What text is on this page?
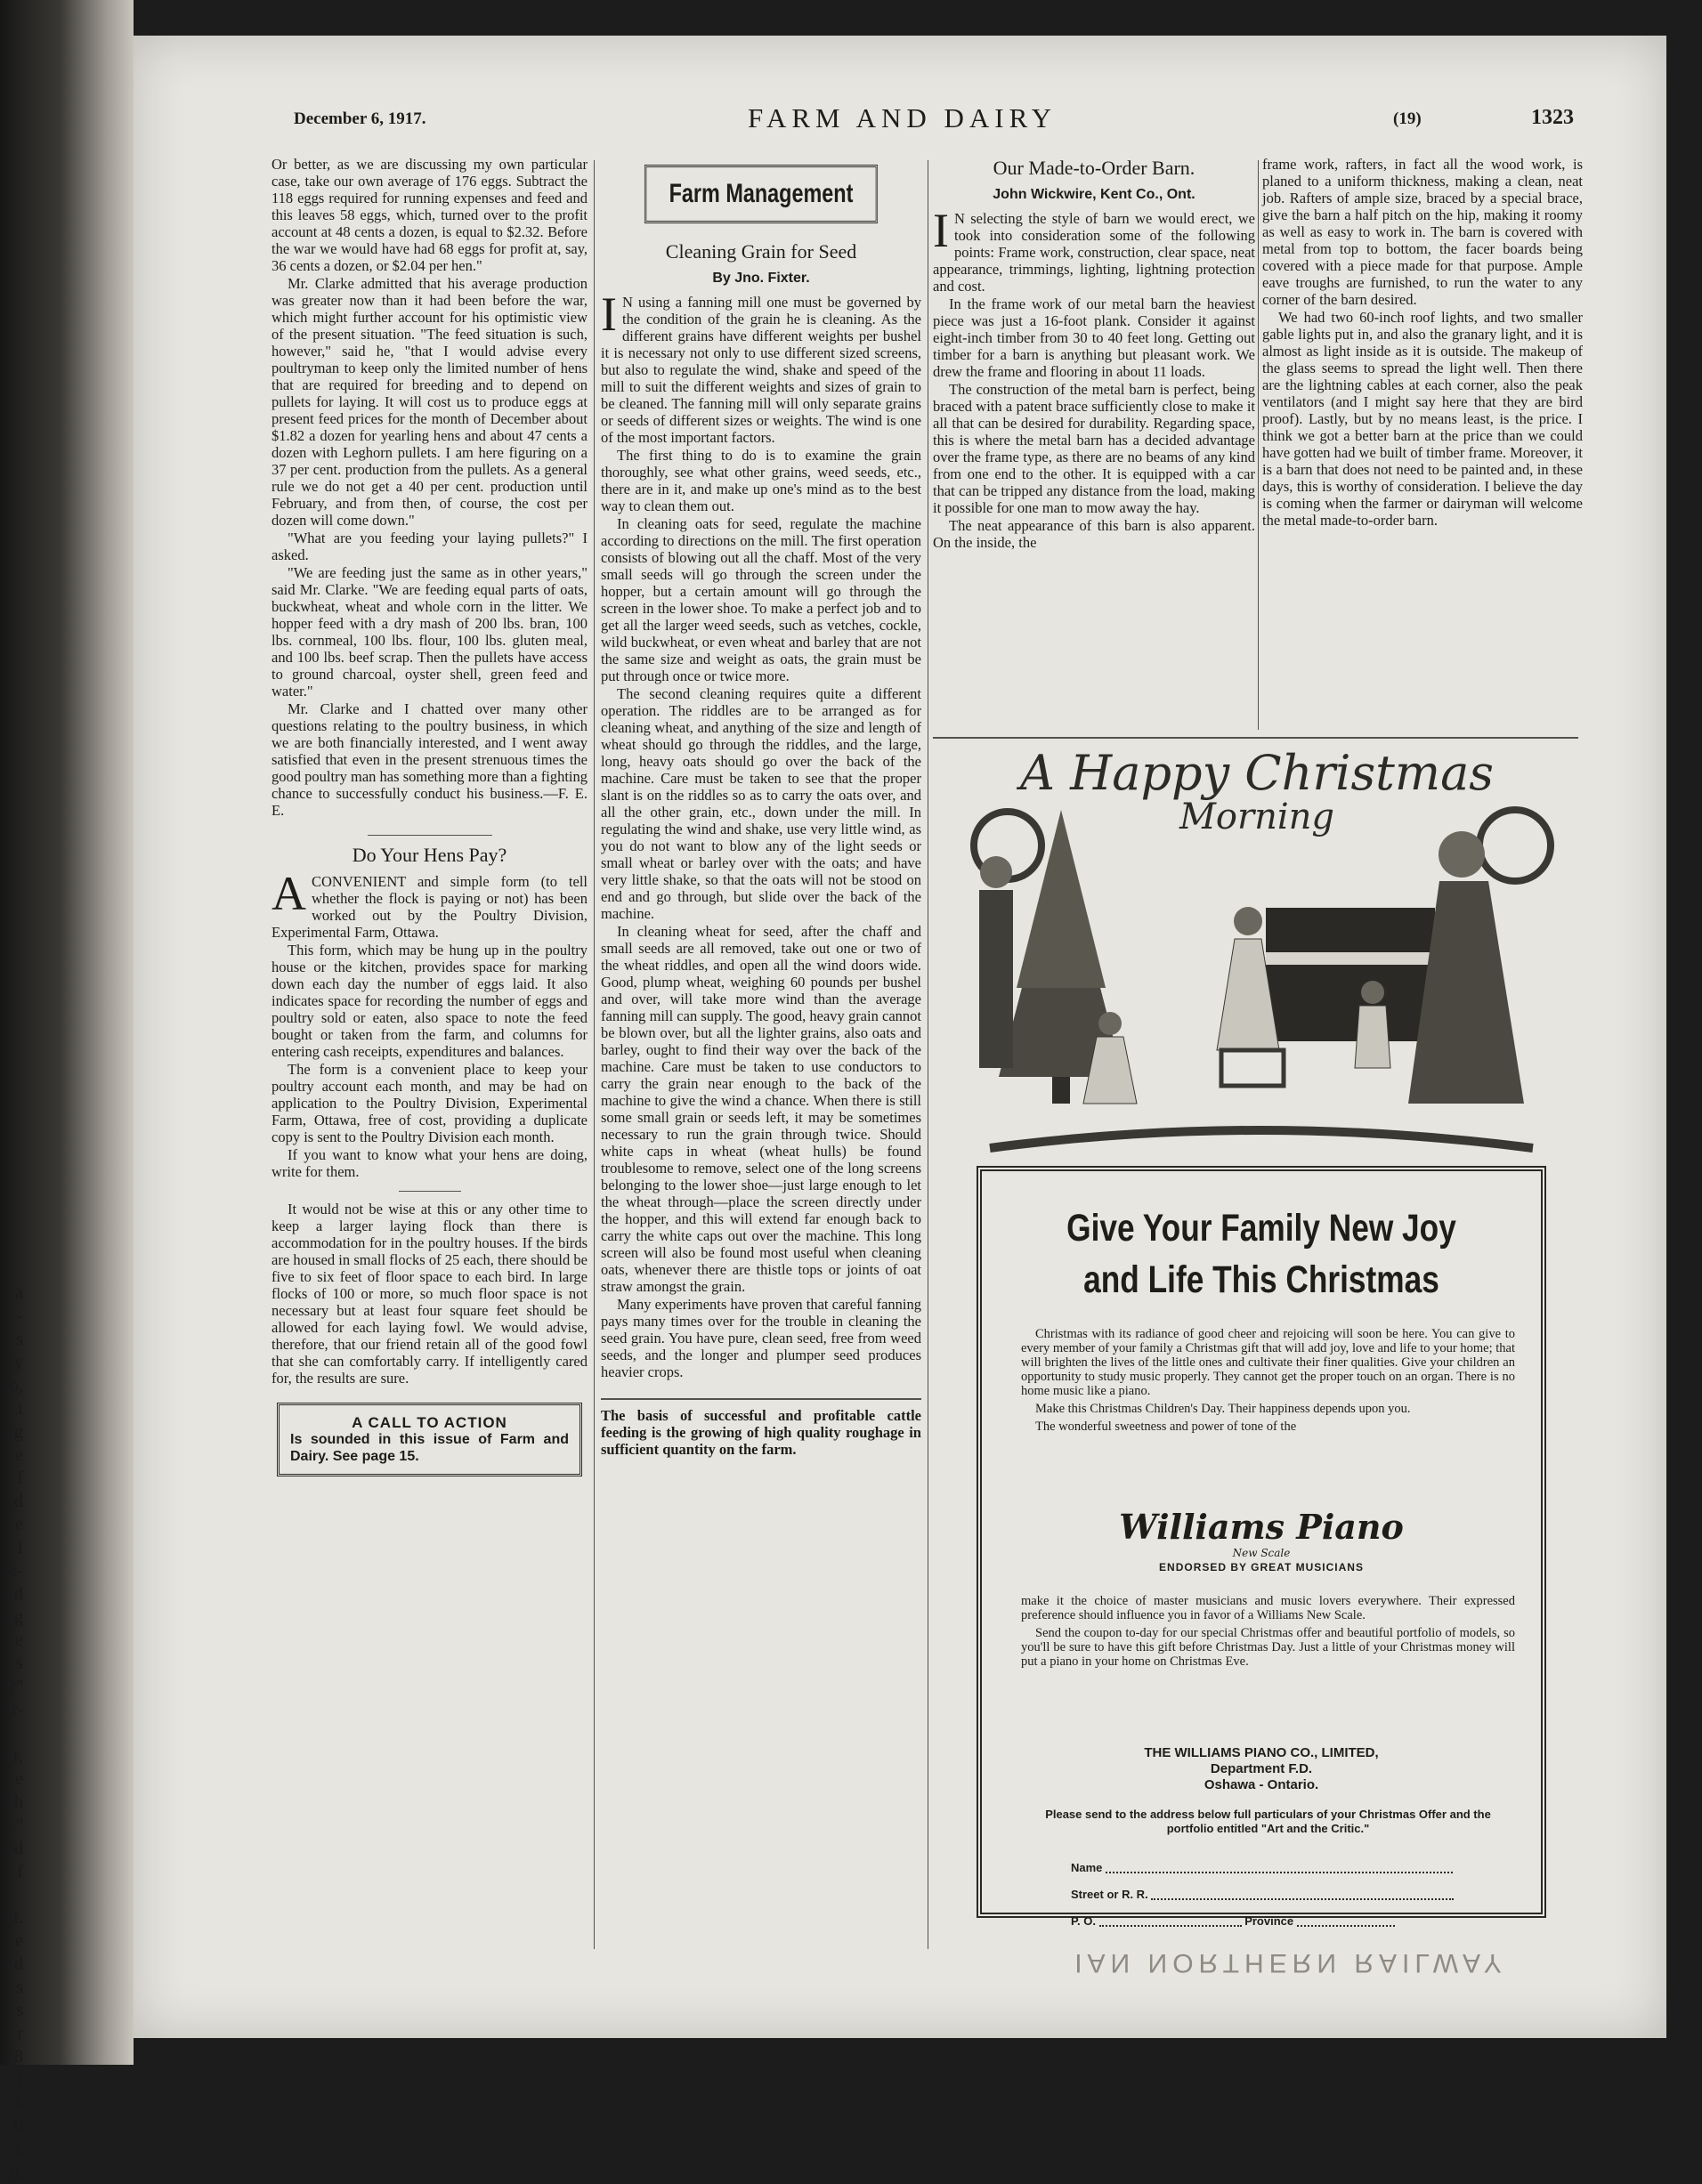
a
-
s
y
o,
t
g
e
f
d
e
I
e-
d
g
e
s
?"
r-

r,
e
h
."
d
f

t.
e
d
s
s
r
8
t
8
0
e
n.
December 6, 1917.	FARM AND DAIRY	(19)	1323

Or better, as we are discussing my own particular case, take our own average of 176 eggs. Subtract the 118 eggs required for running expenses and feed and this leaves 58 eggs, which, turned over to the profit account at 48 cents a dozen, is equal to $2.32. Before the war we would have had 68 eggs for profit at, say, 36 cents a dozen, or $2.04 per hen."

Mr. Clarke admitted that his average production was greater now than it had been before the war, which might further account for his optimistic view of the present situation. "The feed situation is such, however," said he, "that I would advise every poultryman to keep only the limited number of hens that are required for breeding and to depend on pullets for laying. It will cost us to produce eggs at present feed prices for the month of December about $1.82 a dozen for yearling hens and about 47 cents a dozen with Leghorn pullets. I am here figuring on a 37 per cent. production from the pullets. As a general rule we do not get a 40 per cent. production until February, and from then, of course, the cost per dozen will come down."

"What are you feeding your laying pullets?" I asked.

"We are feeding just the same as in other years," said Mr. Clarke. "We are feeding equal parts of oats, buckwheat, wheat and whole corn in the litter. We hopper feed with a dry mash of 200 lbs. bran, 100 lbs. cornmeal, 100 lbs. flour, 100 lbs. gluten meal, and 100 lbs. beef scrap. Then the pullets have access to ground charcoal, oyster shell, green feed and water."

Mr. Clarke and I chatted over many other questions relating to the poultry business, in which we are both financially interested, and I went away satisfied that even in the present strenuous times the good poultry man has something more than a fighting chance to successfully conduct his business.—F. E. E.

Do Your Hens Pay?

ACONVENIENT and simple form (to tell whether the flock is paying or not) has been worked out by the Poultry Division, Experimental Farm, Ottawa.

This form, which may be hung up in the poultry house or the kitchen, provides space for marking down each day the number of eggs laid. It also indicates space for recording the number of eggs and poultry sold or eaten, also space to note the feed bought or taken from the farm, and columns for entering cash receipts, expenditures and balances.

The form is a convenient place to keep your poultry account each month, and may be had on application to the Poultry Division, Experimental Farm, Ottawa, free of cost, providing a duplicate copy is sent to the Poultry Division each month.

If you want to know what your hens are doing, write for them.

It would not be wise at this or any other time to keep a larger laying flock than there is accommodation for in the poultry houses. If the birds are housed in small flocks of 25 each, there should be five to six feet of floor space to each bird. In large flocks of 100 or more, so much floor space is not necessary but at least four square feet should be allowed for each laying fowl. We would advise, therefore, that our friend retain all of the good fowl that she can comfortably carry. If intelligently cared for, the results are sure.

A CALL TO ACTION
Is sounded in this issue of Farm and Dairy. See page 15.
Farm Management
Cleaning Grain for Seed
By Jno. Fixter.

IN using a fanning mill one must be governed by the condition of the grain he is cleaning. As the different grains have different weights per bushel it is necessary not only to use different sized screens, but also to regulate the wind, shake and speed of the mill to suit the different weights and sizes of grain to be cleaned. The fanning mill will only separate grains or seeds of different sizes or weights. The wind is one of the most important factors.

The first thing to do is to examine the grain thoroughly, see what other grains, weed seeds, etc., there are in it, and make up one's mind as to the best way to clean them out.

In cleaning oats for seed, regulate the machine according to directions on the mill. The first operation consists of blowing out all the chaff. Most of the very small seeds will go through the screen under the hopper, but a certain amount will go through the screen in the lower shoe. To make a perfect job and to get all the larger weed seeds, such as vetches, cockle, wild buckwheat, or even wheat and barley that are not the same size and weight as oats, the grain must be put through once or twice more.

The second cleaning requires quite a different operation. The riddles are to be arranged as for cleaning wheat, and anything of the size and length of wheat should go through the riddles, and the large, long, heavy oats should go over the back of the machine. Care must be taken to see that the proper slant is on the riddles so as to carry the oats over, and all the other grain, etc., down under the mill. In regulating the wind and shake, use very little wind, as you do not want to blow any of the light seeds or small wheat or barley over with the oats; and have very little shake, so that the oats will not be stood on end and go through, but slide over the back of the machine.

In cleaning wheat for seed, after the chaff and small seeds are all removed, take out one or two of the wheat riddles, and open all the wind doors wide. Good, plump wheat, weighing 60 pounds per bushel and over, will take more wind than the average fanning mill can supply. The good, heavy grain cannot be blown over, but all the lighter grains, also oats and barley, ought to find their way over the back of the machine. Care must be taken to use conductors to carry the grain near enough to the back of the machine to give the wind a chance. When there is still some small grain or seeds left, it may be sometimes necessary to run the grain through twice. Should white caps in wheat (wheat hulls) be found troublesome to remove, select one of the long screens belonging to the lower shoe—just large enough to let the wheat through—place the screen directly under the hopper, and this will extend far enough back to carry the white caps out over the machine. This long screen will also be found most useful when cleaning oats, whenever there are thistle tops or joints of oat straw amongst the grain.

Many experiments have proven that careful fanning pays many times over for the trouble in cleaning the seed grain. You have pure, clean seed, free from weed seeds, and the longer and plumper seed produces heavier crops.

The basis of successful and profitable cattle feeding is the growing of high quality roughage in sufficient quantity on the farm.

Our Made-to-Order Barn.
John Wickwire, Kent Co., Ont.

IN selecting the style of barn we would erect, we took into consideration some of the following points: Frame work, construction, clear space, neat appearance, trimmings, lighting, lightning protection and cost.

In the frame work of our metal barn the heaviest piece was just a 16-foot plank. Consider it against eight-inch timber from 30 to 40 feet long. Getting out timber for a barn is anything but pleasant work. We drew the frame and flooring in about 11 loads.

The construction of the metal barn is perfect, being braced with a patent brace sufficiently close to make it all that can be desired for durability. Regarding space, this is where the metal barn has a decided advantage over the frame type, as there are no beams of any kind from one end to the other. It is equipped with a car that can be tripped any distance from the load, making it possible for one man to mow away the hay.

The neat appearance of this barn is also apparent. On the inside, the

frame work, rafters, in fact all the wood work, is planed to a uniform thickness, making a clean, neat job. Rafters of ample size, braced by a special brace, give the barn a half pitch on the hip, making it roomy as well as easy to work in. The barn is covered with metal from top to bottom, the facer boards being covered with a piece made for that purpose. Ample eave troughs are furnished, to run the water to any corner of the barn desired.

We had two 60-inch roof lights, and two smaller gable lights put in, and also the granary light, and it is almost as light inside as it is outside. The makeup of the glass seems to spread the light well. Then there are the lightning cables at each corner, also the peak ventilators (and I might say here that they are bird proof). Lastly, but by no means least, is the price. I think we got a better barn at the price than we could have gotten had we built of timber frame. Moreover, it is a barn that does not need to be painted and, in these days, this is worthy of consideration. I believe the day is coming when the farmer or dairyman will welcome the metal made-to-order barn.

A Happy Christmas
Morning
Give Your Family New Joy
and Life This Christmas

Christmas with its radiance of good cheer and rejoicing will soon be here. You can give to every member of your family a Christmas gift that will add joy, love and life to your home; that will brighten the lives of the little ones and cultivate their finer qualities. Give your children an opportunity to study music properly. They cannot get the proper touch on an organ. There is no home music like a piano.

Make this Christmas Children's Day. Their happiness depends upon you.

The wonderful sweetness and power of tone of the

Williams Piano
New Scale
ENDORSED BY GREAT MUSICIANS

make it the choice of master musicians and music lovers everywhere. Their expressed preference should influence you in favor of a Williams New Scale.

Send the coupon to-day for our special Christmas offer and beautiful portfolio of models, so you'll be sure to have this gift before Christmas Day. Just a little of your Christmas money will put a piano in your home on Christmas Eve.

THE WILLIAMS PIANO CO., LIMITED,
Department F.D.
Oshawa - Ontario.
Please send to the address below full particulars of your Christmas Offer and the portfolio entitled "Art and the Critic."
Name
Street or R. R.
P. O.	Province
IAN NORTHERN RAILWAY
